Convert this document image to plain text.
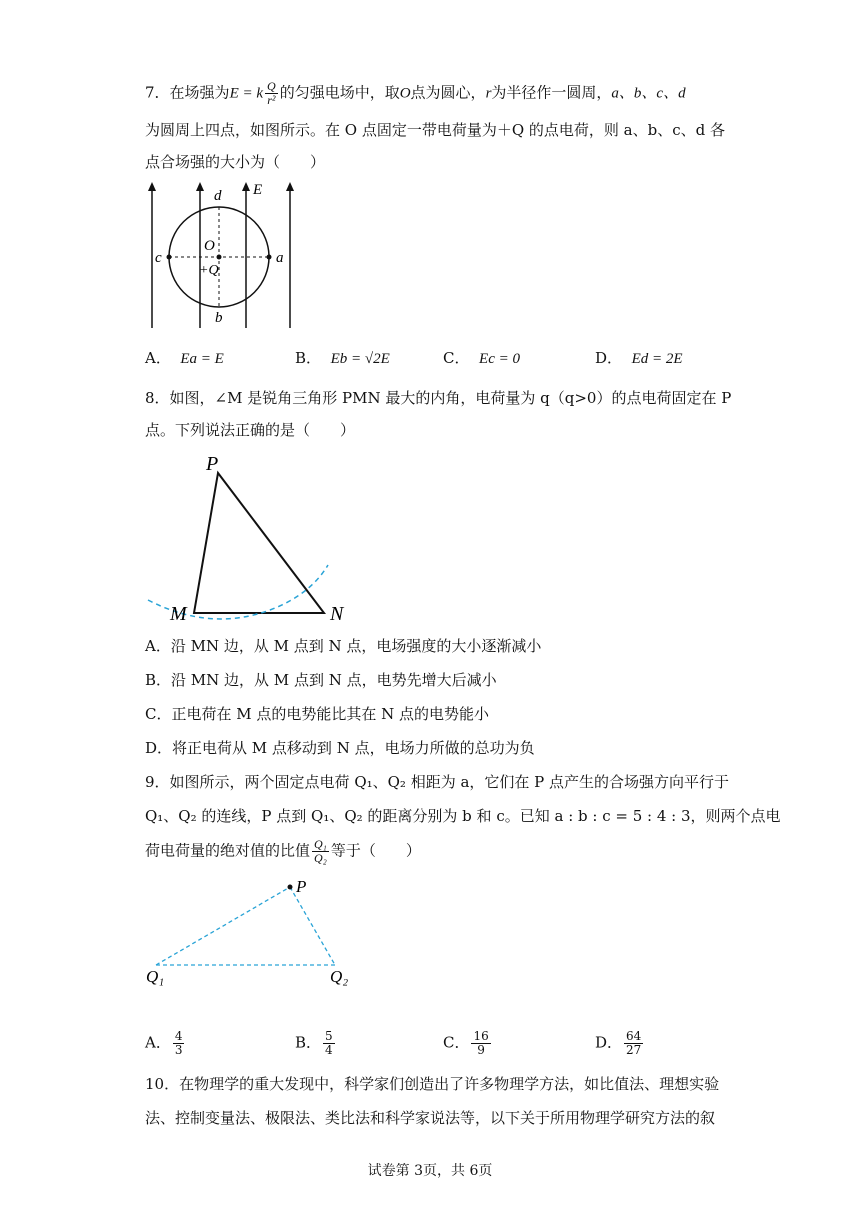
7．在场强为E = k $\frac{Q}{\text{r²}}$ 的匀强电场中，取O点为圆心，r为半径作一圆周，a、b、c、d
为圆周上四点，如图所示。在 O 点固定一带电荷量为＋Q 的点电荷，则 a、b、c、d 各
点合场强的大小为（　　）
E
d
O
c	a
+Q
b
A． Ea = E	B． Eb = √2E	C． Ec = 0	D． Ed = 2E
8．如图，∠M 是锐角三角形 PMN 最大的内角，电荷量为 q（q>0）的点电荷固定在 P
点。下列说法正确的是（　　）
P
M	N
A．沿 MN 边，从 M 点到 N 点，电场强度的大小逐渐减小
B．沿 MN 边，从 M 点到 N 点，电势先增大后减小
C．正电荷在 M 点的电势能比其在 N 点的电势能小
D．将正电荷从 M 点移动到 N 点，电场力所做的总功为负
9．如图所示，两个固定点电荷 Q₁、Q₂ 相距为 a，它们在 P 点产生的合场强方向平行于
Q₁、Q₂ 的连线，P 点到 Q₁、Q₂ 的距离分别为 b 和 c。已知 a : b : c = 5 : 4 : 3，则两个点电
荷电荷量的绝对值的比值 $\frac{\text{Q₁}}{\text{Q₂}}$ 等于（　　）
P
Q₁	Q₂
A． $\frac{4}{3}$	B． $\frac{5}{4}$	C． $\frac{16}{9}$	D． $\frac{64}{27}$
10．在物理学的重大发现中，科学家们创造出了许多物理学方法，如比值法、理想实验
法、控制变量法、极限法、类比法和科学家说法等，以下关于所用物理学研究方法的叙
试卷第 3页，共 6页
